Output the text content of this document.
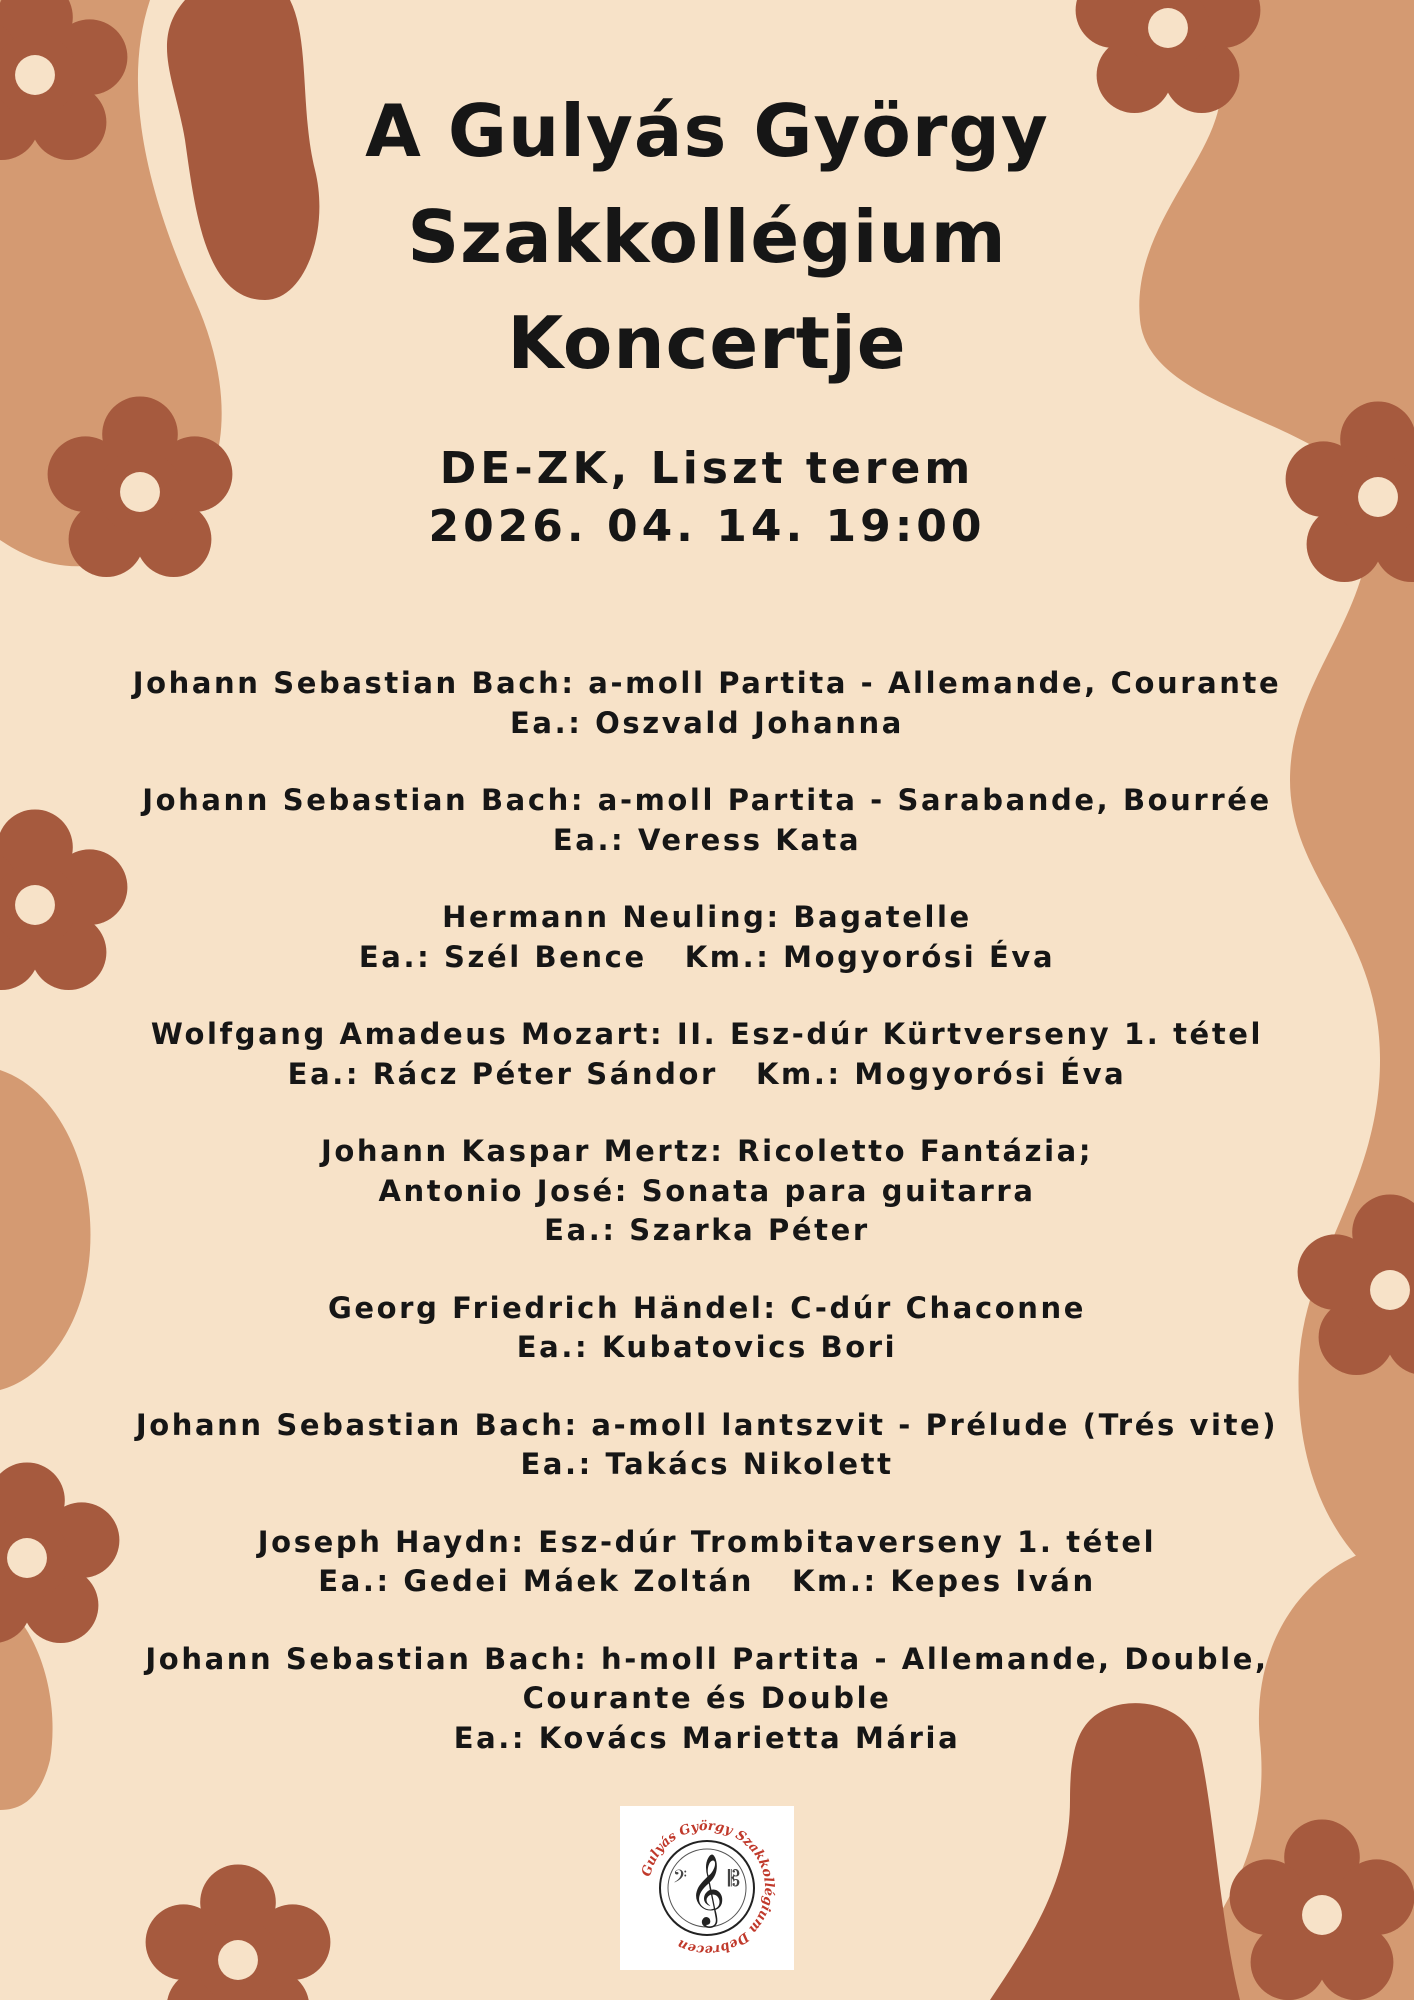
A Gulyás György
Szakkollégium
Koncertje
DE-ZK, Liszt terem
2026. 04. 14. 19:00
Johann Sebastian Bach: a-moll Partita - Allemande, Courante
Ea.: Oszvald Johanna
Johann Sebastian Bach: a-moll Partita - Sarabande, Bourrée
Ea.: Veress Kata
Hermann Neuling: Bagatelle
Ea.: Szél Bence Km.: Mogyorósi Éva
Wolfgang Amadeus Mozart: II. Esz-dúr Kürtverseny 1. tétel
Ea.: Rácz Péter Sándor Km.: Mogyorósi Éva
Johann Kaspar Mertz: Ricoletto Fantázia;
Antonio José: Sonata para guitarra
Ea.: Szarka Péter
Georg Friedrich Händel: C-dúr Chaconne
Ea.: Kubatovics Bori
Johann Sebastian Bach: a-moll lantszvit - Prélude (Trés vite)
Ea.: Takács Nikolett
Joseph Haydn: Esz-dúr Trombitaverseny 1. tétel
Ea.: Gedei Máek Zoltán Km.: Kepes Iván
Johann Sebastian Bach: h-moll Partita - Allemande, Double,
Courante és Double
Ea.: Kovács Marietta Mária
Gulyás György Szakkollégium Debrecen
𝄞
𝄢 𝄡
